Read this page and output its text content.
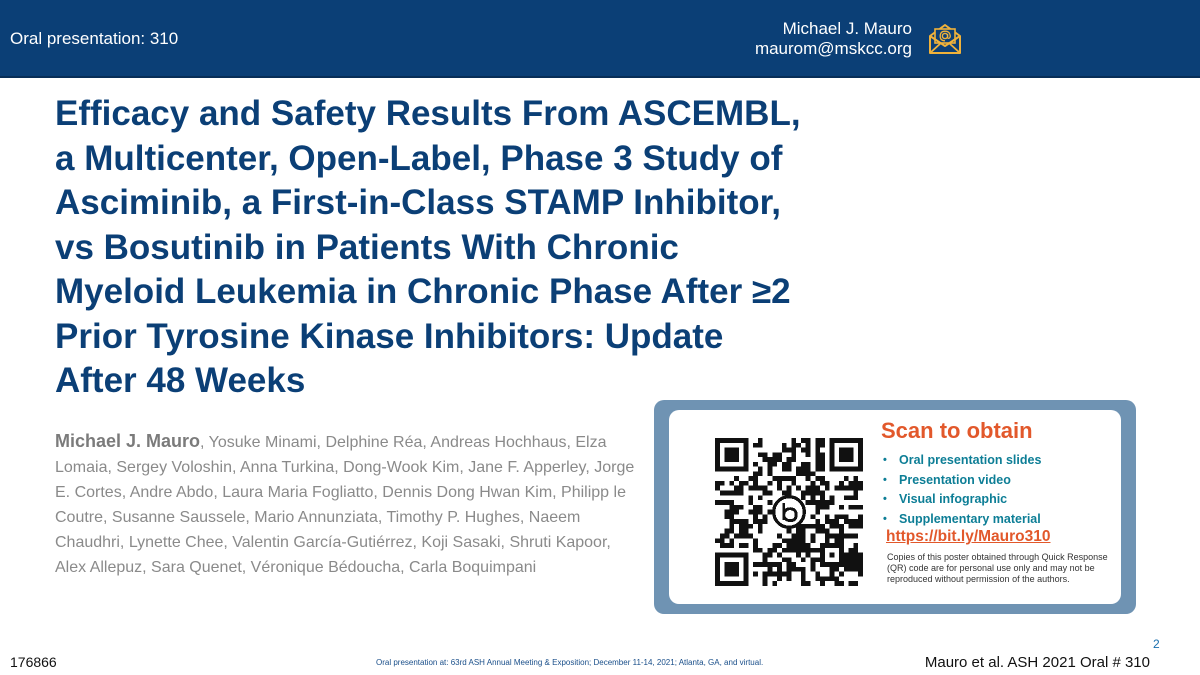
Oral presentation: 310
Michael J. Mauro
maurom@mskcc.org
Efficacy and Safety Results From ASCEMBL,
a Multicenter, Open-Label, Phase 3 Study of
Asciminib, a First-in-Class STAMP Inhibitor,
vs Bosutinib in Patients With Chronic
Myeloid Leukemia in Chronic Phase After ≥2
Prior Tyrosine Kinase Inhibitors: Update
After 48 Weeks
Michael J. Mauro, Yosuke Minami, Delphine Réa, Andreas Hochhaus, Elza Lomaia, Sergey Voloshin, Anna Turkina, Dong-Wook Kim, Jane F. Apperley, Jorge E. Cortes, Andre Abdo, Laura Maria Fogliatto, Dennis Dong Hwan Kim, Philipp le Coutre, Susanne Saussele, Mario Annunziata, Timothy P. Hughes, Naeem Chaudhri, Lynette Chee, Valentin García-Gutiérrez, Koji Sasaki, Shruti Kapoor, Alex Allepuz, Sara Quenet, Véronique Bédoucha, Carla Boquimpani
Scan to obtain
• Oral presentation slides
• Presentation video
• Visual infographic
• Supplementary material
https://bit.ly/Mauro310
Copies of this poster obtained through Quick Response (QR) code are for personal use only and may not be reproduced without permission of the authors.
2
176866	Oral presentation at: 63rd ASH Annual Meeting & Exposition; December 11-14, 2021; Atlanta, GA, and virtual.	Mauro et al. ASH 2021 Oral # 310
